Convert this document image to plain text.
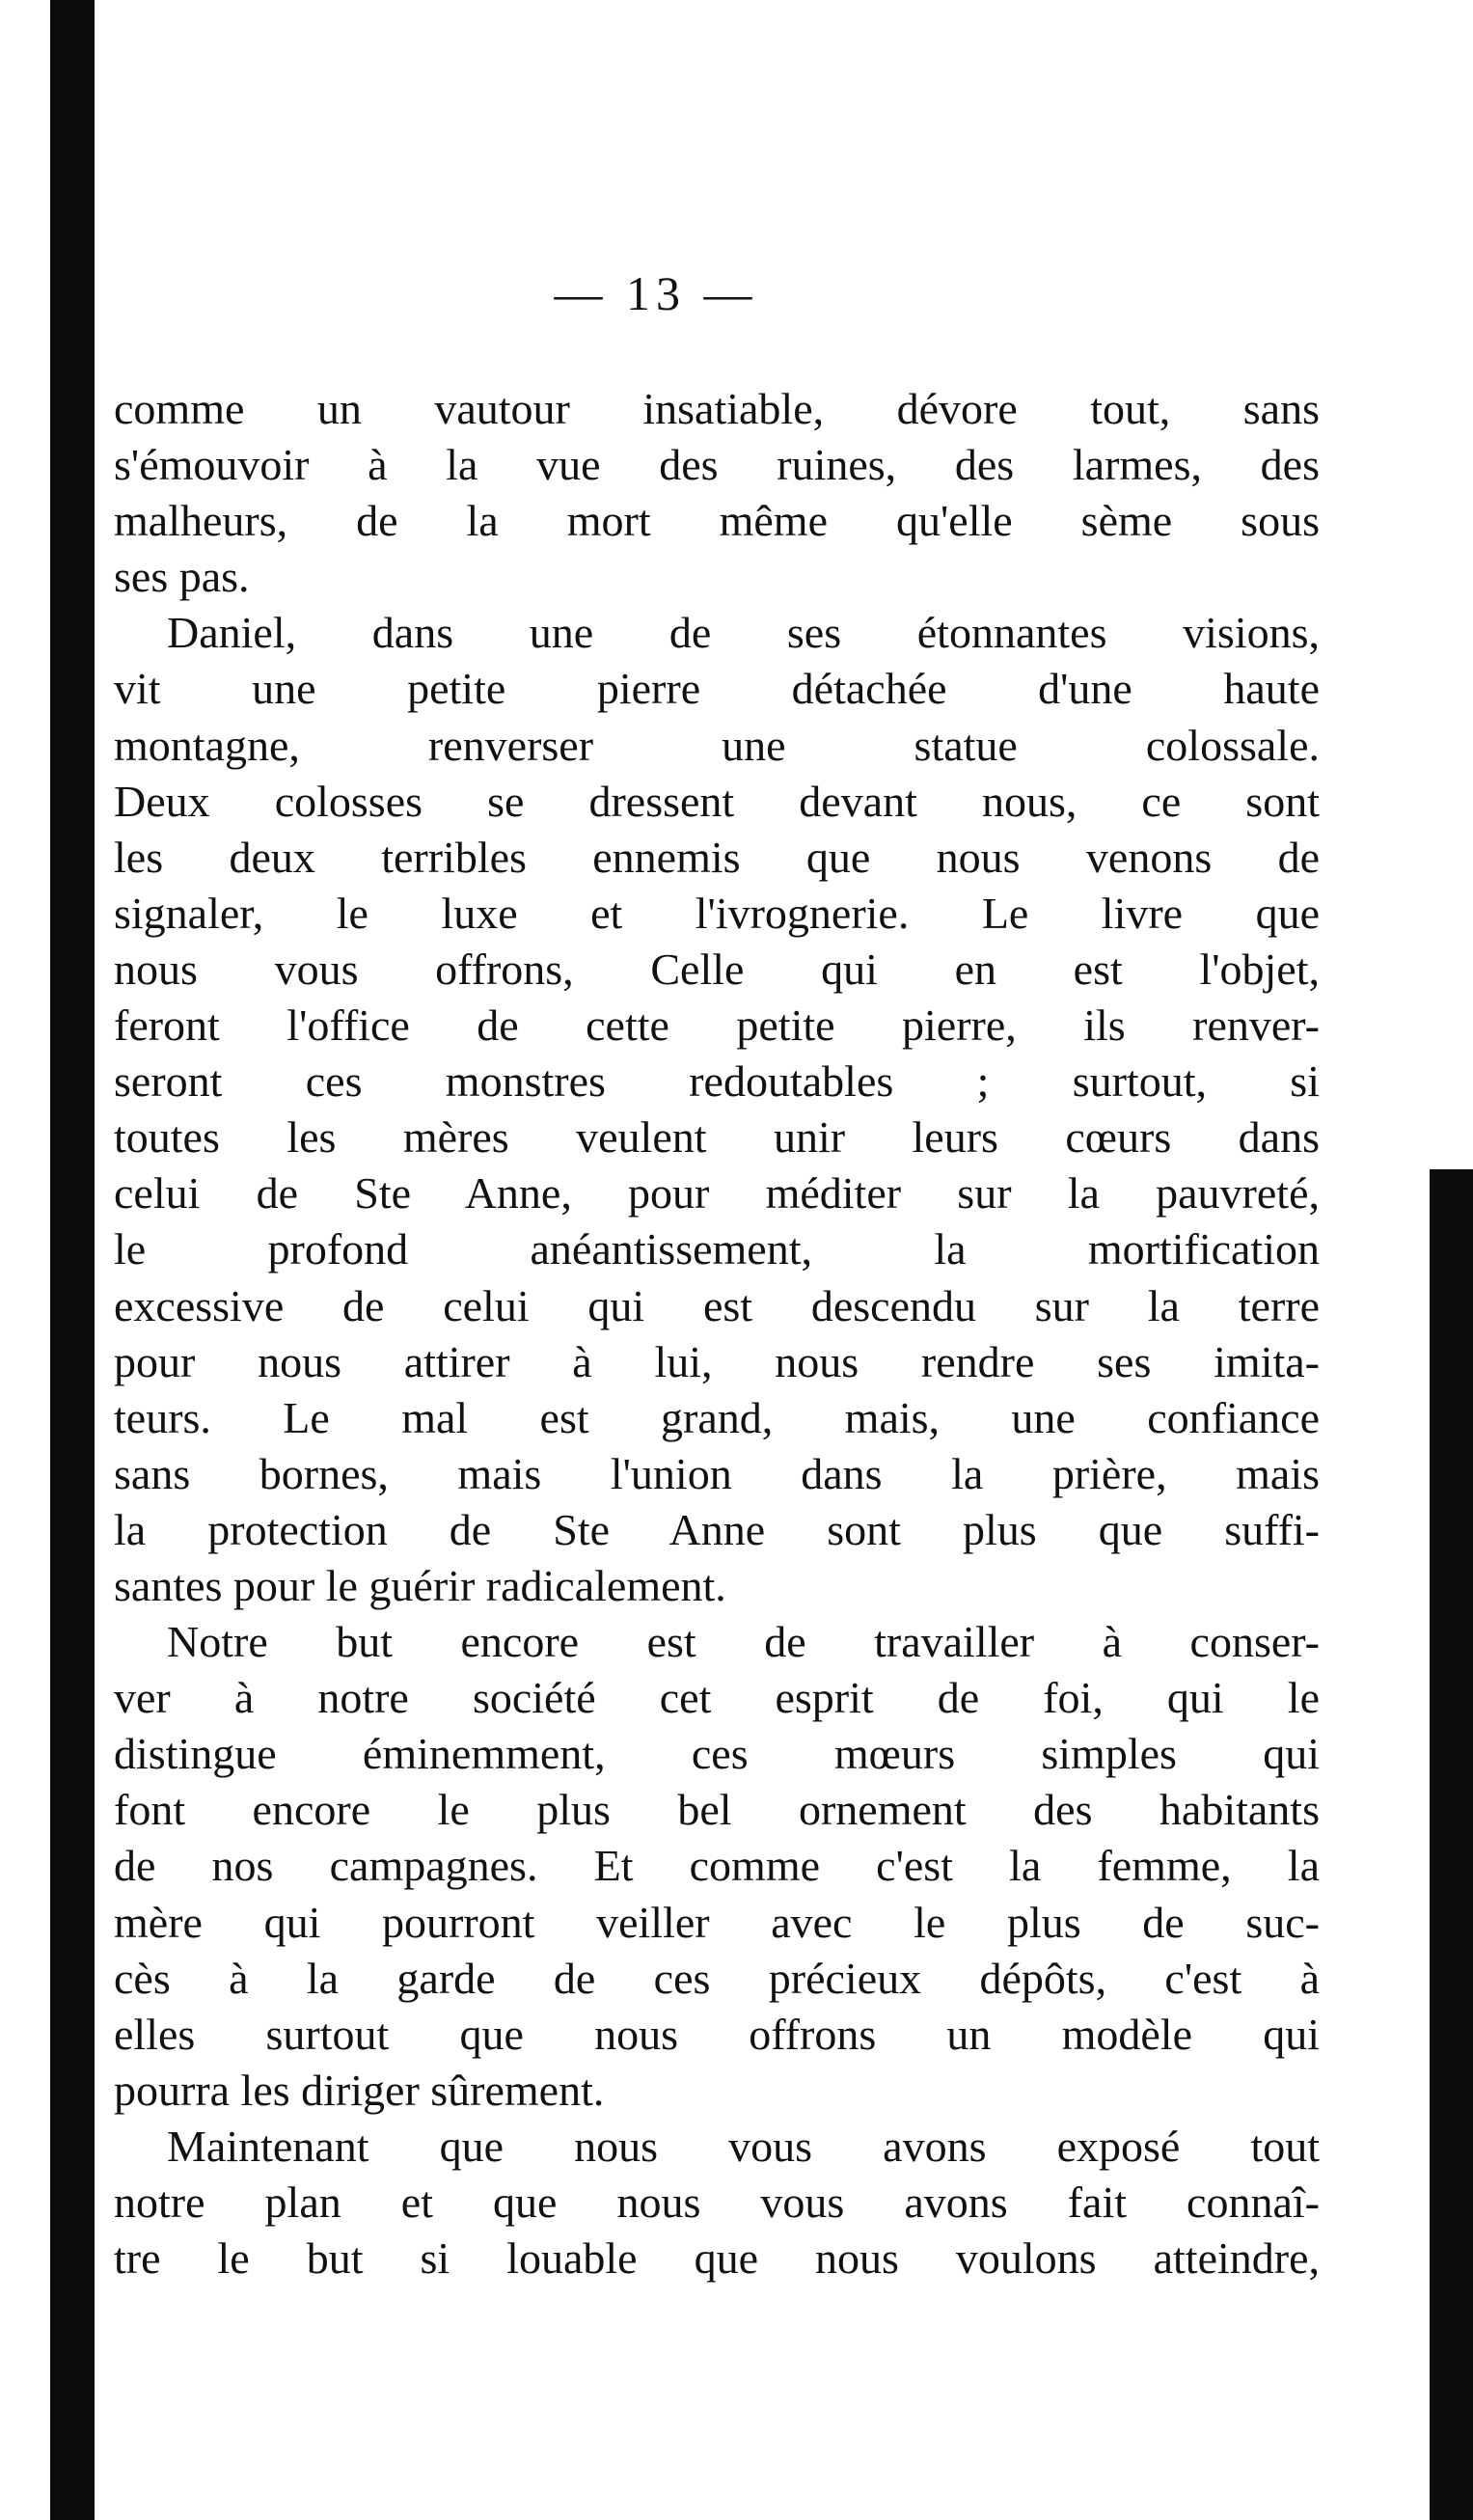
— 13 —
comme un vautour insatiable, dévore tout, sans
s'émouvoir à la vue des ruines, des larmes, des
malheurs, de la mort même qu'elle sème sous
ses pas.
Daniel, dans une de ses étonnantes visions,
vit une petite pierre détachée d'une haute
montagne, renverser une statue colossale.
Deux colosses se dressent devant nous, ce sont
les deux terribles ennemis que nous venons de
signaler, le luxe et l'ivrognerie. Le livre que
nous vous offrons, Celle qui en est l'objet,
feront l'office de cette petite pierre, ils renver-
seront ces monstres redoutables ; surtout, si
toutes les mères veulent unir leurs cœurs dans
celui de Ste Anne, pour méditer sur la pauvreté,
le profond anéantissement, la mortification
excessive de celui qui est descendu sur la terre
pour nous attirer à lui, nous rendre ses imita-
teurs. Le mal est grand, mais, une confiance
sans bornes, mais l'union dans la prière, mais
la protection de Ste Anne sont plus que suffi-
santes pour le guérir radicalement.
Notre but encore est de travailler à conser-
ver à notre société cet esprit de foi, qui le
distingue éminemment, ces mœurs simples qui
font encore le plus bel ornement des habitants
de nos campagnes. Et comme c'est la femme, la
mère qui pourront veiller avec le plus de suc-
cès à la garde de ces précieux dépôts, c'est à
elles surtout que nous offrons un modèle qui
pourra les diriger sûrement.
Maintenant que nous vous avons exposé tout
notre plan et que nous vous avons fait connaî-
tre le but si louable que nous voulons atteindre,
